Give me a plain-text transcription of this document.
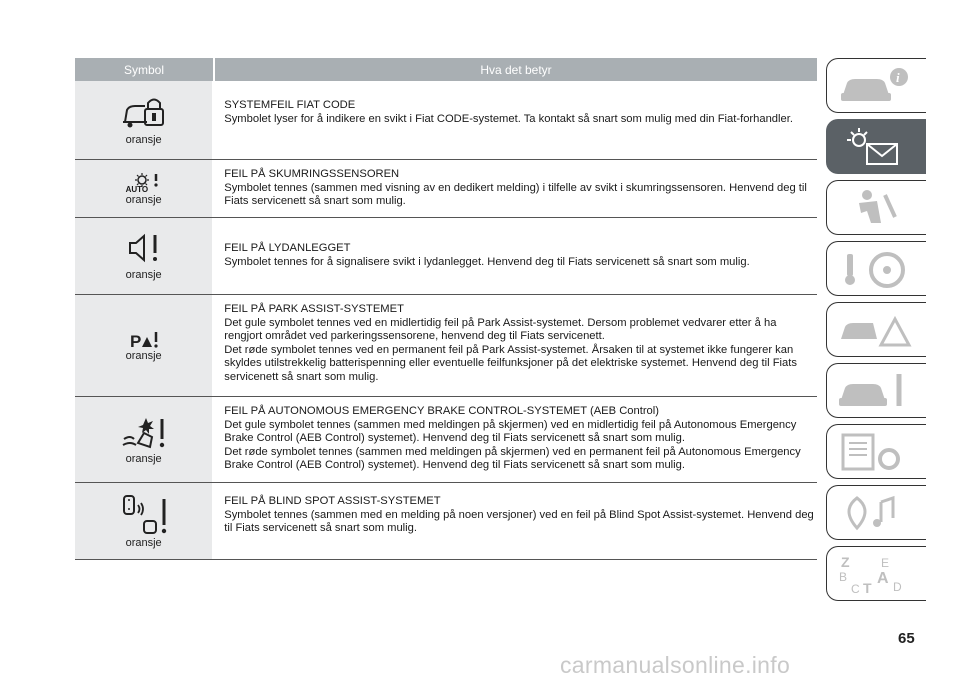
Symbol	Hva det betyr
oransje

SYSTEMFEIL FIAT CODE

Symbolet lyser for å indikere en svikt i Fiat CODE-systemet. Ta kontakt så snart som mulig med din Fiat-forhandler.

AUTO
oransje

FEIL PÅ SKUMRINGSSENSOREN

Symbolet tennes (sammen med visning av en dedikert melding) i tilfelle av svikt i skumringssensoren. Henvend deg til Fiats servicenett så snart som mulig.

oransje

FEIL PÅ LYDANLEGGET

Symbolet tennes for å signalisere svikt i lydanlegget. Henvend deg til Fiats servicenett så snart som mulig.

P
oransje

FEIL PÅ PARK ASSIST-SYSTEMET

Det gule symbolet tennes ved en midlertidig feil på Park Assist-systemet. Dersom problemet vedvarer etter å ha rengjort området ved parkeringssensorene, henvend deg til Fiats servicenett.

Det røde symbolet tennes ved en permanent feil på Park Assist-systemet. Årsaken til at systemet ikke fungerer kan skyldes utilstrekkelig batterispenning eller eventuelle feilfunksjoner på det elektriske systemet. Henvend deg til Fiats servicenett så snart som mulig.

oransje

FEIL PÅ AUTONOMOUS EMERGENCY BRAKE CONTROL-SYSTEMET (AEB Control)

Det gule symbolet tennes (sammen med meldingen på skjermen) ved en midlertidig feil på Autonomous Emergency Brake Control (AEB Control) systemet). Henvend deg til Fiats servicenett så snart som mulig.

Det røde symbolet tennes (sammen med meldingen på skjermen) ved en permanent feil på Autonomous Emergency Brake Control (AEB Control) systemet). Henvend deg til Fiats servicenett så snart som mulig.

oransje

FEIL PÅ BLIND SPOT ASSIST-SYSTEMET

Symbolet tennes (sammen med en melding på noen versjoner) ved en feil på Blind Spot Assist-systemet. Henvend deg til Fiats servicenett så snart som mulig.

i
Z	E
B A
C T D
65
carmanualsonline.info
